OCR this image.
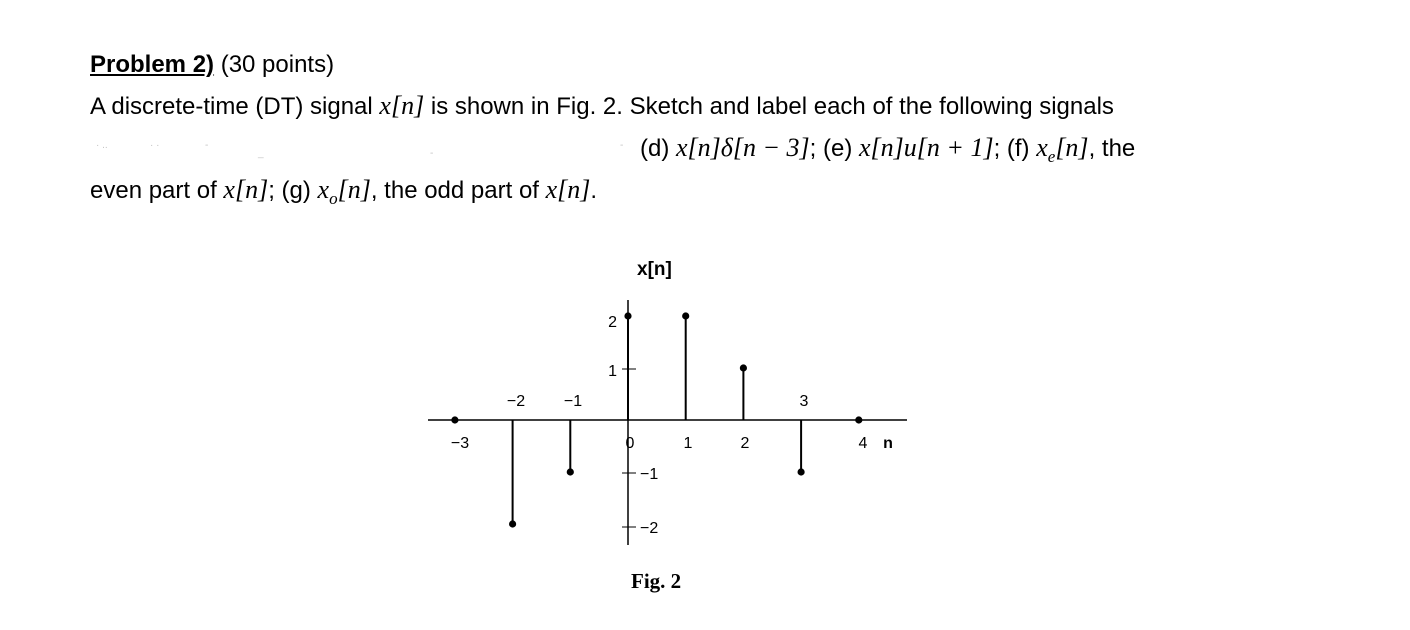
Problem 2) (30 points)
A discrete-time (DT) signal x[n] is shown in Fig. 2. Sketch and label each of the following signals
· ..	· ·	-
_	-
- (d) x[n]δ[n − 3]; (e) x[n]u[n + 1]; (f) $x_e[n]$, the
even part of x[n]; (g) $x_o[n]$, the odd part of x[n].
x[n]
2
1
−1
−2
−2 −1	3
−3	0	1	2	4 n
Fig. 2
